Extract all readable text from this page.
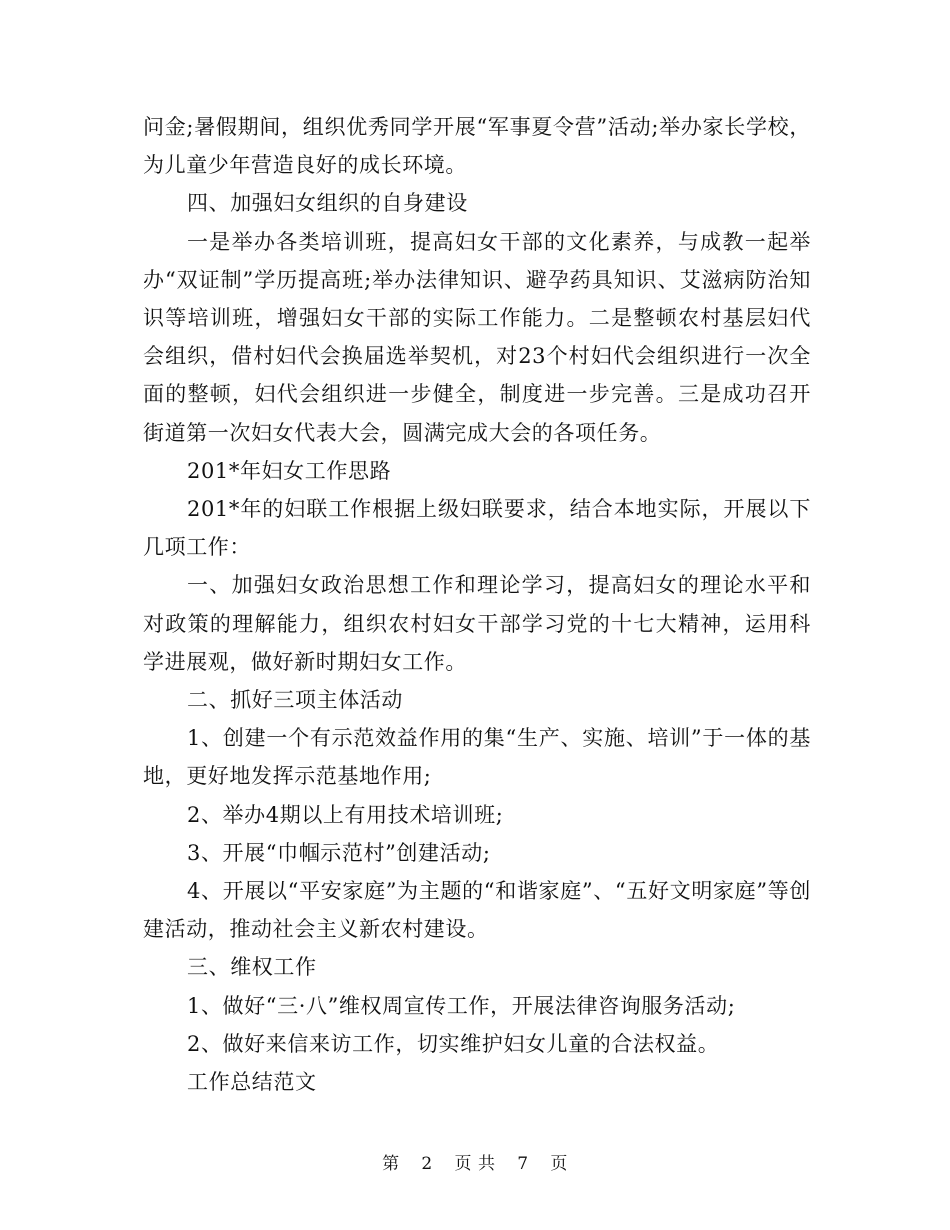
问金;暑假期间，组织优秀同学开展“军事夏令营”活动;举办家长学校，为儿童少年营造良好的成长环境。

四、加强妇女组织的自身建设

一是举办各类培训班，提高妇女干部的文化素养，与成教一起举办“双证制”学历提高班;举办法律知识、避孕药具知识、艾滋病防治知识等培训班，增强妇女干部的实际工作能力。二是整顿农村基层妇代会组织，借村妇代会换届选举契机，对23个村妇代会组织进行一次全面的整顿，妇代会组织进一步健全，制度进一步完善。三是成功召开街道第一次妇女代表大会，圆满完成大会的各项任务。

201*年妇女工作思路

201*年的妇联工作根据上级妇联要求，结合本地实际，开展以下几项工作：

一、加强妇女政治思想工作和理论学习，提高妇女的理论水平和对政策的理解能力，组织农村妇女干部学习党的十七大精神，运用科学进展观，做好新时期妇女工作。

二、抓好三项主体活动

1、创建一个有示范效益作用的集“生产、实施、培训”于一体的基地，更好地发挥示范基地作用;

2、举办4期以上有用技术培训班;

3、开展“巾帼示范村”创建活动;

4、开展以“平安家庭”为主题的“和谐家庭”、“五好文明家庭”等创建活动，推动社会主义新农村建设。

三、维权工作

1、做好“三·八”维权周宣传工作，开展法律咨询服务活动;

2、做好来信来访工作，切实维护妇女儿童的合法权益。

工作总结范文

第 2 页 共 7 页
